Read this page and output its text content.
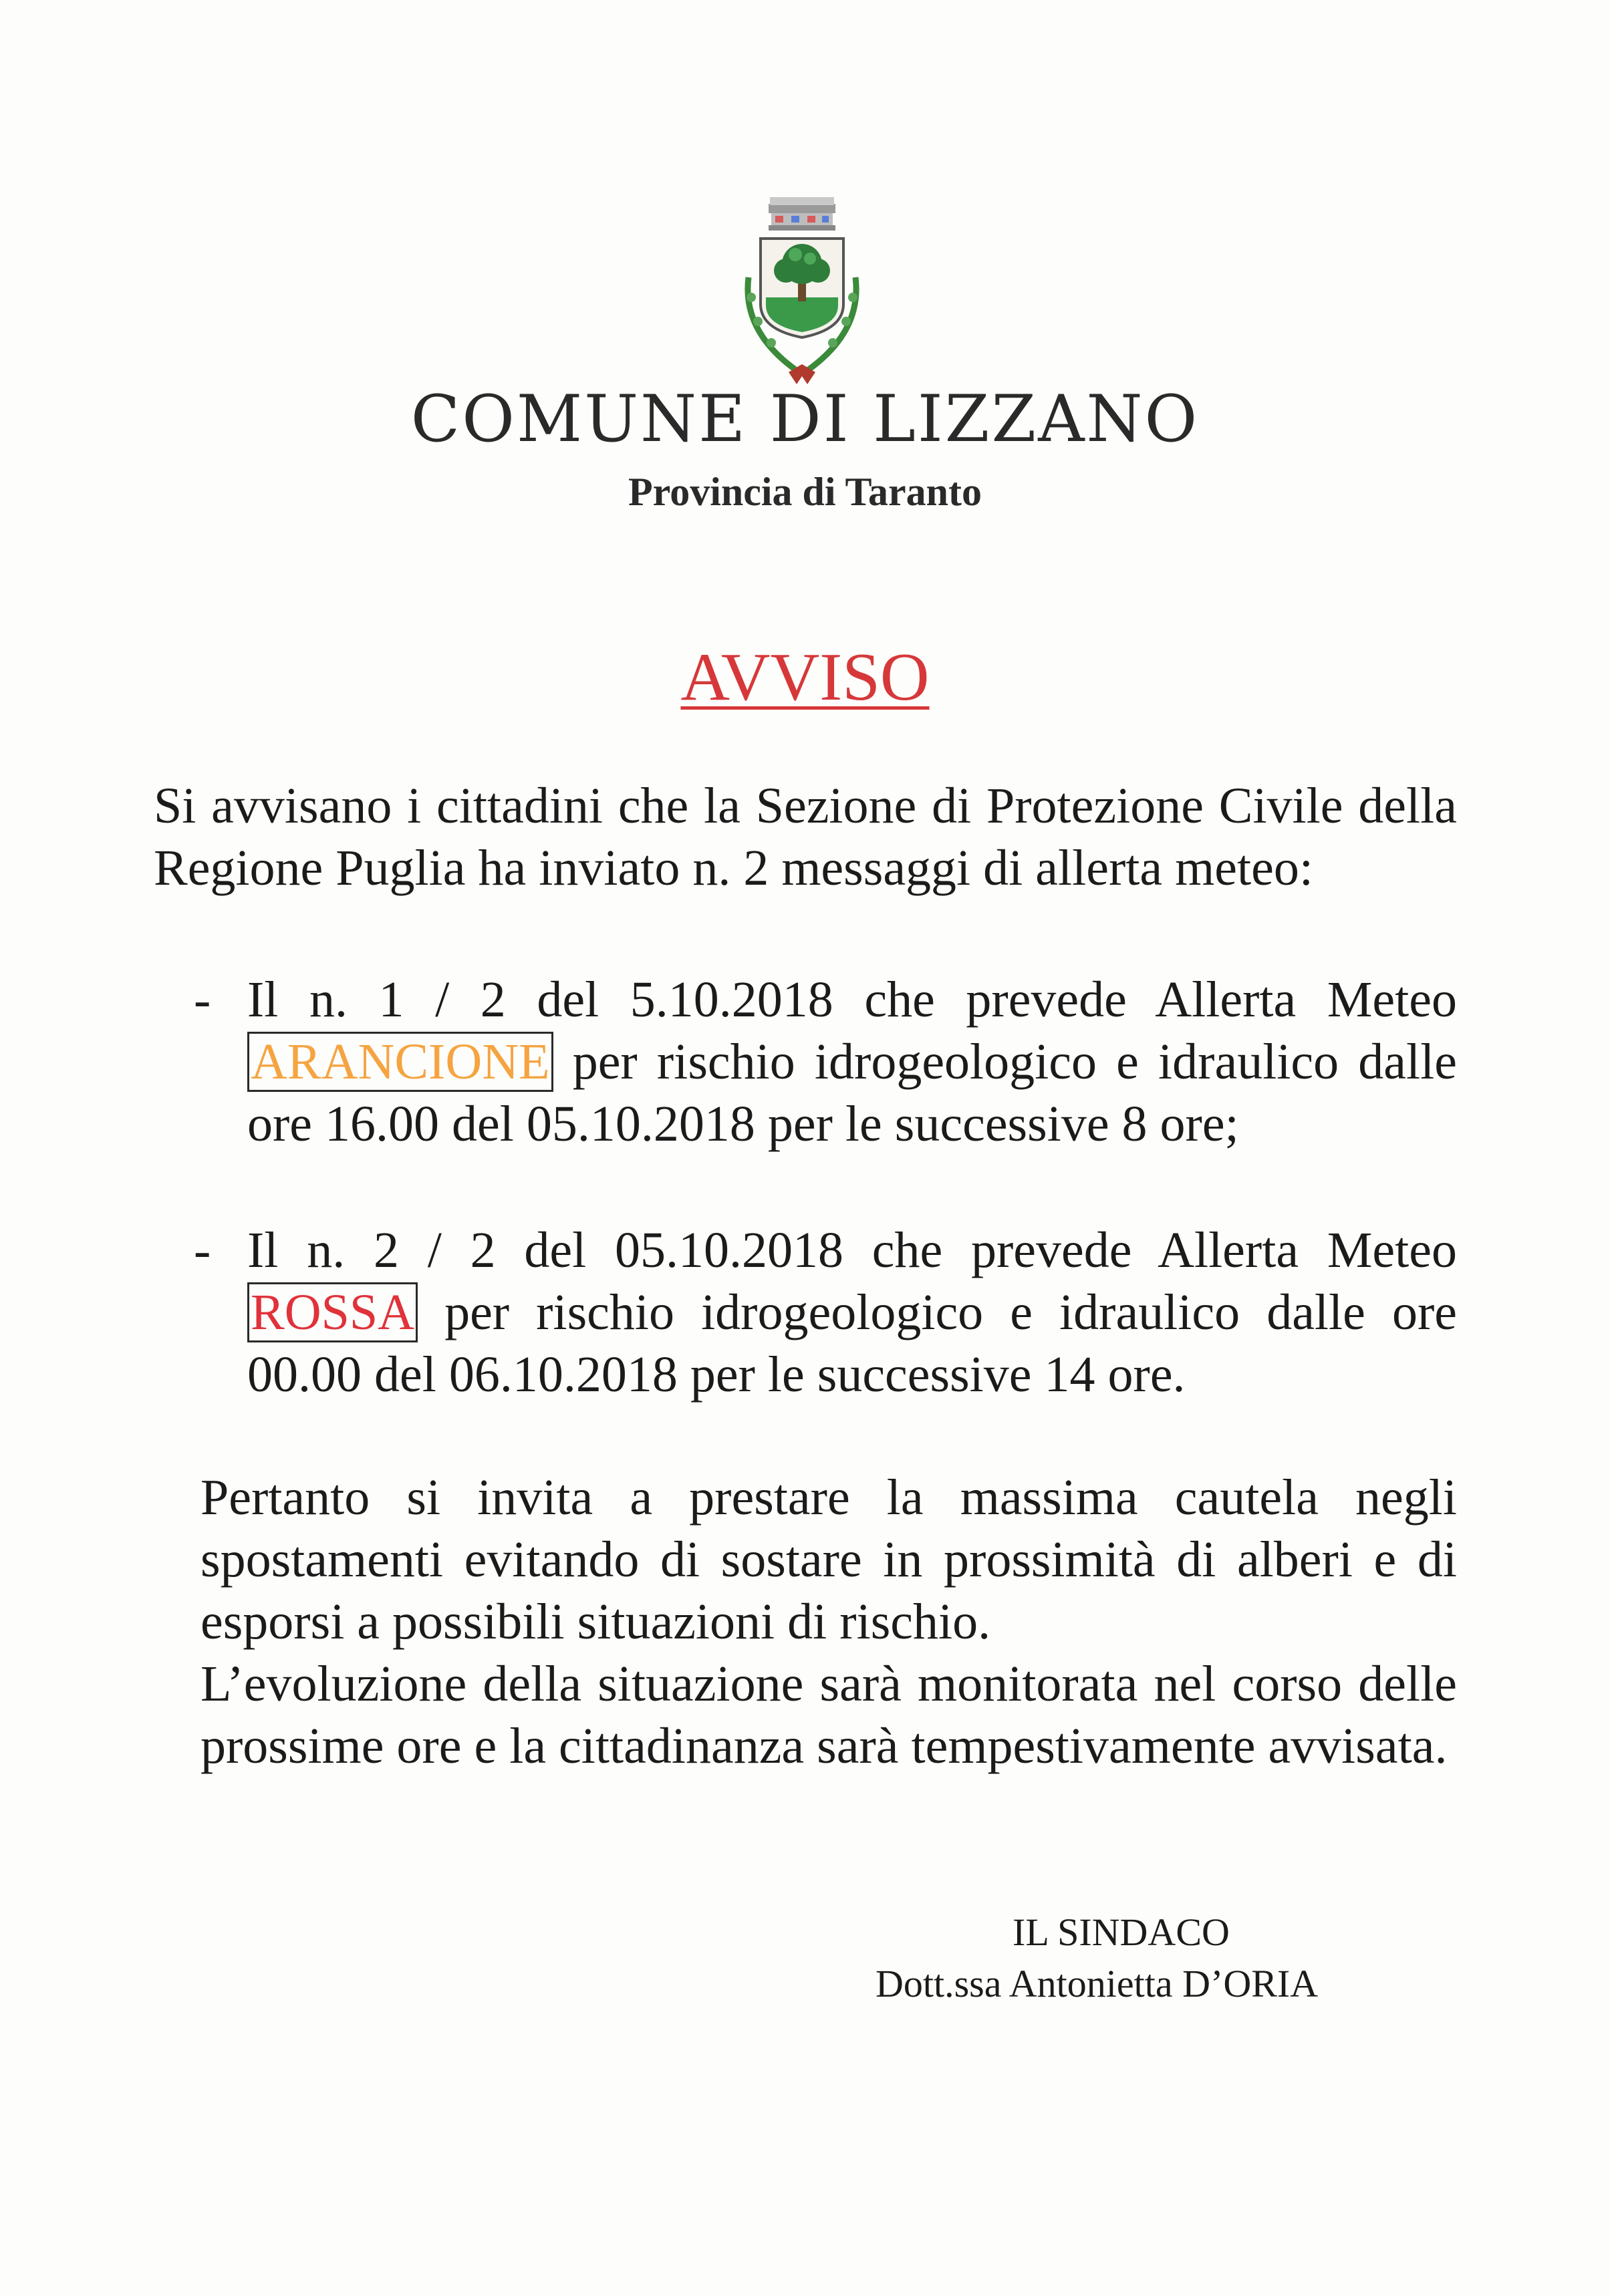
COMUNE DI LIZZANO
Provincia di Taranto
AVVISO
Si avvisano i cittadini che la Sezione di Protezione Civile della Regione Puglia ha inviato n. 2 messaggi di allerta meteo:
- Il n. 1 / 2 del 5.10.2018 che prevede Allerta Meteo ARANCIONE per rischio idrogeologico e idraulico dalle ore 16.00 del 05.10.2018 per le successive 8 ore;
- Il n. 2 / 2 del 05.10.2018 che prevede Allerta Meteo ROSSA per rischio idrogeologico e idraulico dalle ore 00.00 del 06.10.2018 per le successive 14 ore.

Pertanto si invita a prestare la massima cautela negli spostamenti evitando di sostare in prossimità di alberi e di esporsi a possibili situazioni di rischio.

L’evoluzione della situazione sarà monitorata nel corso delle prossime ore e la cittadinanza sarà tempestivamente avvisata.

IL SINDACO
Dott.ssa Antonietta D’ORIA
